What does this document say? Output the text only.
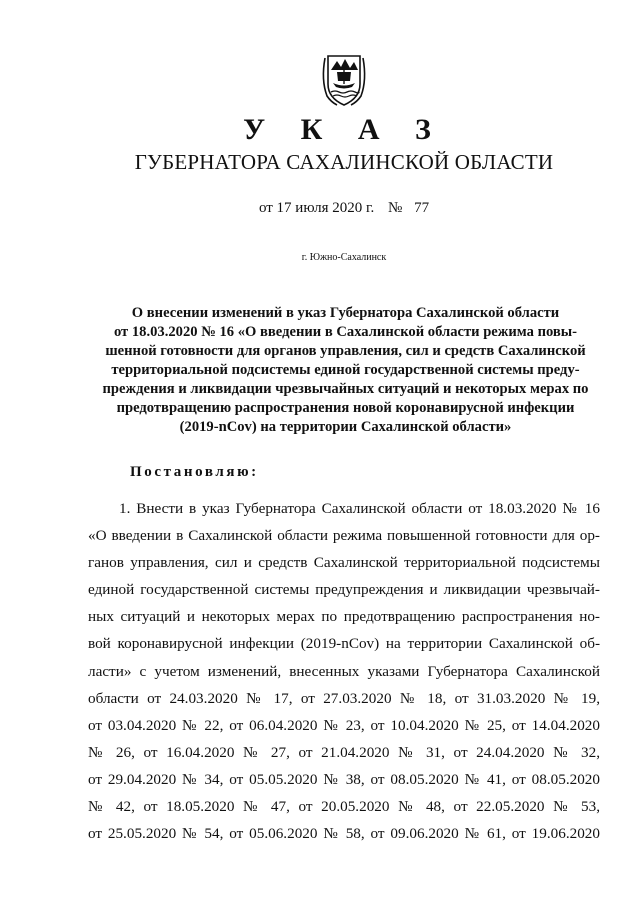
У К А З
ГУБЕРНАТОРА САХАЛИНСКОЙ ОБЛАСТИ
от 17 июля 2020 г. № 77
г. Южно-Сахалинск
О внесении изменений в указ Губернатора Сахалинской области
от 18.03.2020 № 16 «О введении в Сахалинской области режима повы-
шенной готовности для органов управления, сил и средств Сахалинской
территориальной подсистемы единой государственной системы преду-
преждения и ликвидации чрезвычайных ситуаций и некоторых мерах по
предотвращению распространения новой коронавирусной инфекции
(2019-nCov) на территории Сахалинской области»
Постановляю:
1. Внести в указ Губернатора Сахалинской области от 18.03.2020 № 16
«О введении в Сахалинской области режима повышенной готовности для ор-
ганов управления, сил и средств Сахалинской территориальной подсистемы
единой государственной системы предупреждения и ликвидации чрезвычай-
ных ситуаций и некоторых мерах по предотвращению распространения но-
вой коронавирусной инфекции (2019-nCov) на территории Сахалинской об-
ласти» с учетом изменений, внесенных указами Губернатора Сахалинской
области от 24.03.2020 № 17, от 27.03.2020 № 18, от 31.03.2020 № 19,
от 03.04.2020 № 22, от 06.04.2020 № 23, от 10.04.2020 № 25, от 14.04.2020
№ 26, от 16.04.2020 № 27, от 21.04.2020 № 31, от 24.04.2020 № 32,
от 29.04.2020 № 34, от 05.05.2020 № 38, от 08.05.2020 № 41, от 08.05.2020
№ 42, от 18.05.2020 № 47, от 20.05.2020 № 48, от 22.05.2020 № 53,
от 25.05.2020 № 54, от 05.06.2020 № 58, от 09.06.2020 № 61, от 19.06.2020
